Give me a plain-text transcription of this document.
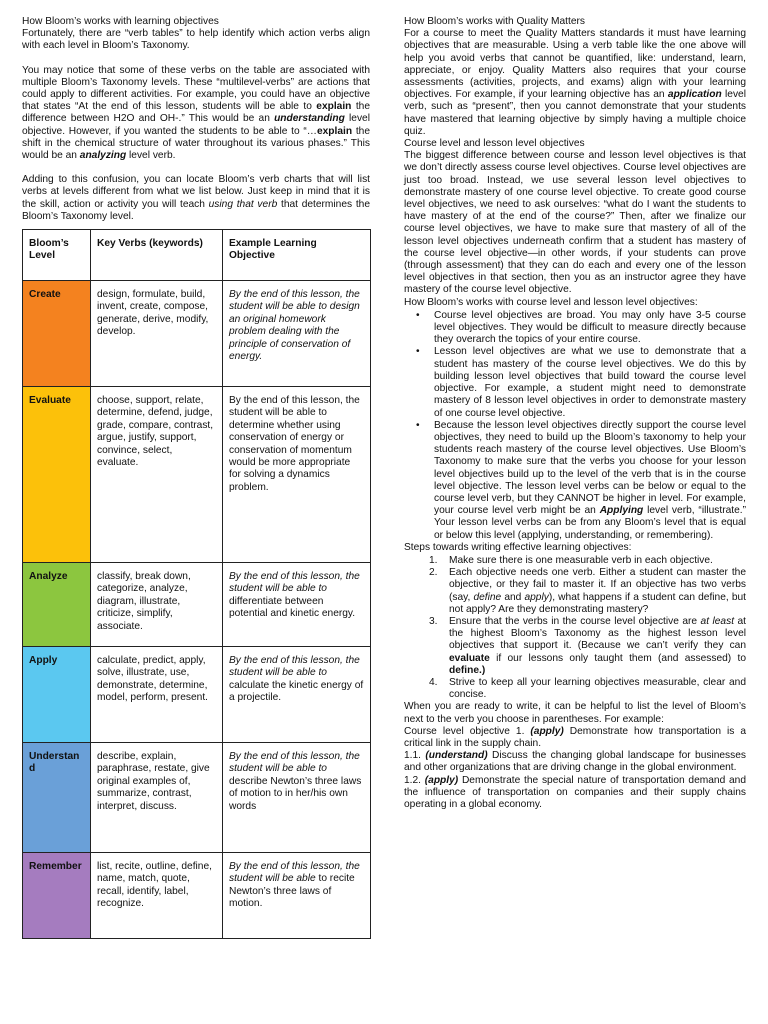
How Bloom’s works with learning objectives

Fortunately, there are “verb tables” to help identify which action verbs align with each level in Bloom’s Taxonomy.

You may notice that some of these verbs on the table are associated with multiple Bloom’s Taxonomy levels. These “multilevel-verbs” are actions that could apply to different activities. For example, you could have an objective that states “At the end of this lesson, students will be able to explain the difference between H2O and OH-.” This would be an understanding level objective. However, if you wanted the students to be able to “…explain the shift in the chemical structure of water throughout its various phases.” This would be an analyzing level verb.

Adding to this confusion, you can locate Bloom’s verb charts that will list verbs at levels different from what we list below. Just keep in mind that it is the skill, action or activity you will teach using that verb that determines the Bloom’s Taxonomy level.

Bloom’s Level	Key Verbs (keywords)	Example Learning Objective
Create	design, formulate, build, invent, create, compose, generate, derive, modify, develop.	By the end of this lesson, the student will be able to design an original homework problem dealing with the principle of conservation of energy.
Evaluate	choose, support, relate, determine, defend, judge, grade, compare, contrast, argue, justify, support, convince, select, evaluate.	By the end of this lesson, the student will be able to determine whether using conservation of energy or conservation of momentum would be more appropriate for solving a dynamics problem.
Analyze	classify, break down, categorize, analyze, diagram, illustrate, criticize, simplify, associate.	By the end of this lesson, the student will be able to differentiate between potential and kinetic energy.
Apply	calculate, predict, apply, solve, illustrate, use, demonstrate, determine, model, perform, present.	By the end of this lesson, the student will be able to calculate the kinetic energy of a projectile.
Understan d	describe, explain, paraphrase, restate, give original examples of, summarize, contrast, interpret, discuss.	By the end of this lesson, the student will be able to describe Newton’s three laws of motion to in her/his own words
Remember	list, recite, outline, define, name, match, quote, recall, identify, label, recognize.	By the end of this lesson, the student will be able to recite Newton’s three laws of motion.

How Bloom’s works with Quality Matters

For a course to meet the Quality Matters standards it must have learning objectives that are measurable. Using a verb table like the one above will help you avoid verbs that cannot be quantified, like: understand, learn, appreciate, or enjoy. Quality Matters also requires that your course assessments (activities, projects, and exams) align with your learning objectives. For example, if your learning objective has an application level verb, such as “present”, then you cannot demonstrate that your students have mastered that learning objective by simply having a multiple choice quiz.

Course level and lesson level objectives

The biggest difference between course and lesson level objectives is that we don’t directly assess course level objectives. Course level objectives are just too broad. Instead, we use several lesson level objectives to demonstrate mastery of one course level objective. To create good course level objectives, we need to ask ourselves: “what do I want the students to have mastery of at the end of the course?” Then, after we finalize our course level objectives, we have to make sure that mastery of all of the lesson level objectives underneath confirm that a student has mastery of the course level objective—in other words, if your students can prove (through assessment) that they can do each and every one of the lesson level objectives in that section, then you as an instructor agree they have mastery of the course level objective.

How Bloom’s works with course level and lesson level objectives:

• Course level objectives are broad. You may only have 3-5 course level objectives. They would be difficult to measure directly because they overarch the topics of your entire course.
• Lesson level objectives are what we use to demonstrate that a student has mastery of the course level objectives. We do this by building lesson level objectives that build toward the course level objective. For example, a student might need to demonstrate mastery of 8 lesson level objectives in order to demonstrate mastery of one course level objective.
• Because the lesson level objectives directly support the course level objectives, they need to build up the Bloom’s taxonomy to help your students reach mastery of the course level objectives. Use Bloom’s Taxonomy to make sure that the verbs you choose for your lesson level objectives build up to the level of the verb that is in the course level objective. The lesson level verbs can be below or equal to the course level verb, but they CANNOT be higher in level. For example, your course level verb might be an Applying level verb, “illustrate.” Your lesson level verbs can be from any Bloom’s level that is equal or below this level (applying, understanding, or remembering).

Steps towards writing effective learning objectives:

1. Make sure there is one measurable verb in each objective.
2. Each objective needs one verb. Either a student can master the objective, or they fail to master it. If an objective has two verbs (say, define and apply), what happens if a student can define, but not apply? Are they demonstrating mastery?
3. Ensure that the verbs in the course level objective are at least at the highest Bloom’s Taxonomy as the highest lesson level objectives that support it. (Because we can’t verify they can evaluate if our lessons only taught them (and assessed) to define.)
4. Strive to keep all your learning objectives measurable, clear and concise.

When you are ready to write, it can be helpful to list the level of Bloom’s next to the verb you choose in parentheses. For example:

Course level objective 1. (apply) Demonstrate how transportation is a critical link in the supply chain.

1.1. (understand) Discuss the changing global landscape for businesses and other organizations that are driving change in the global environment.

1.2. (apply) Demonstrate the special nature of transportation demand and the influence of transportation on companies and their supply chains operating in a global economy.
